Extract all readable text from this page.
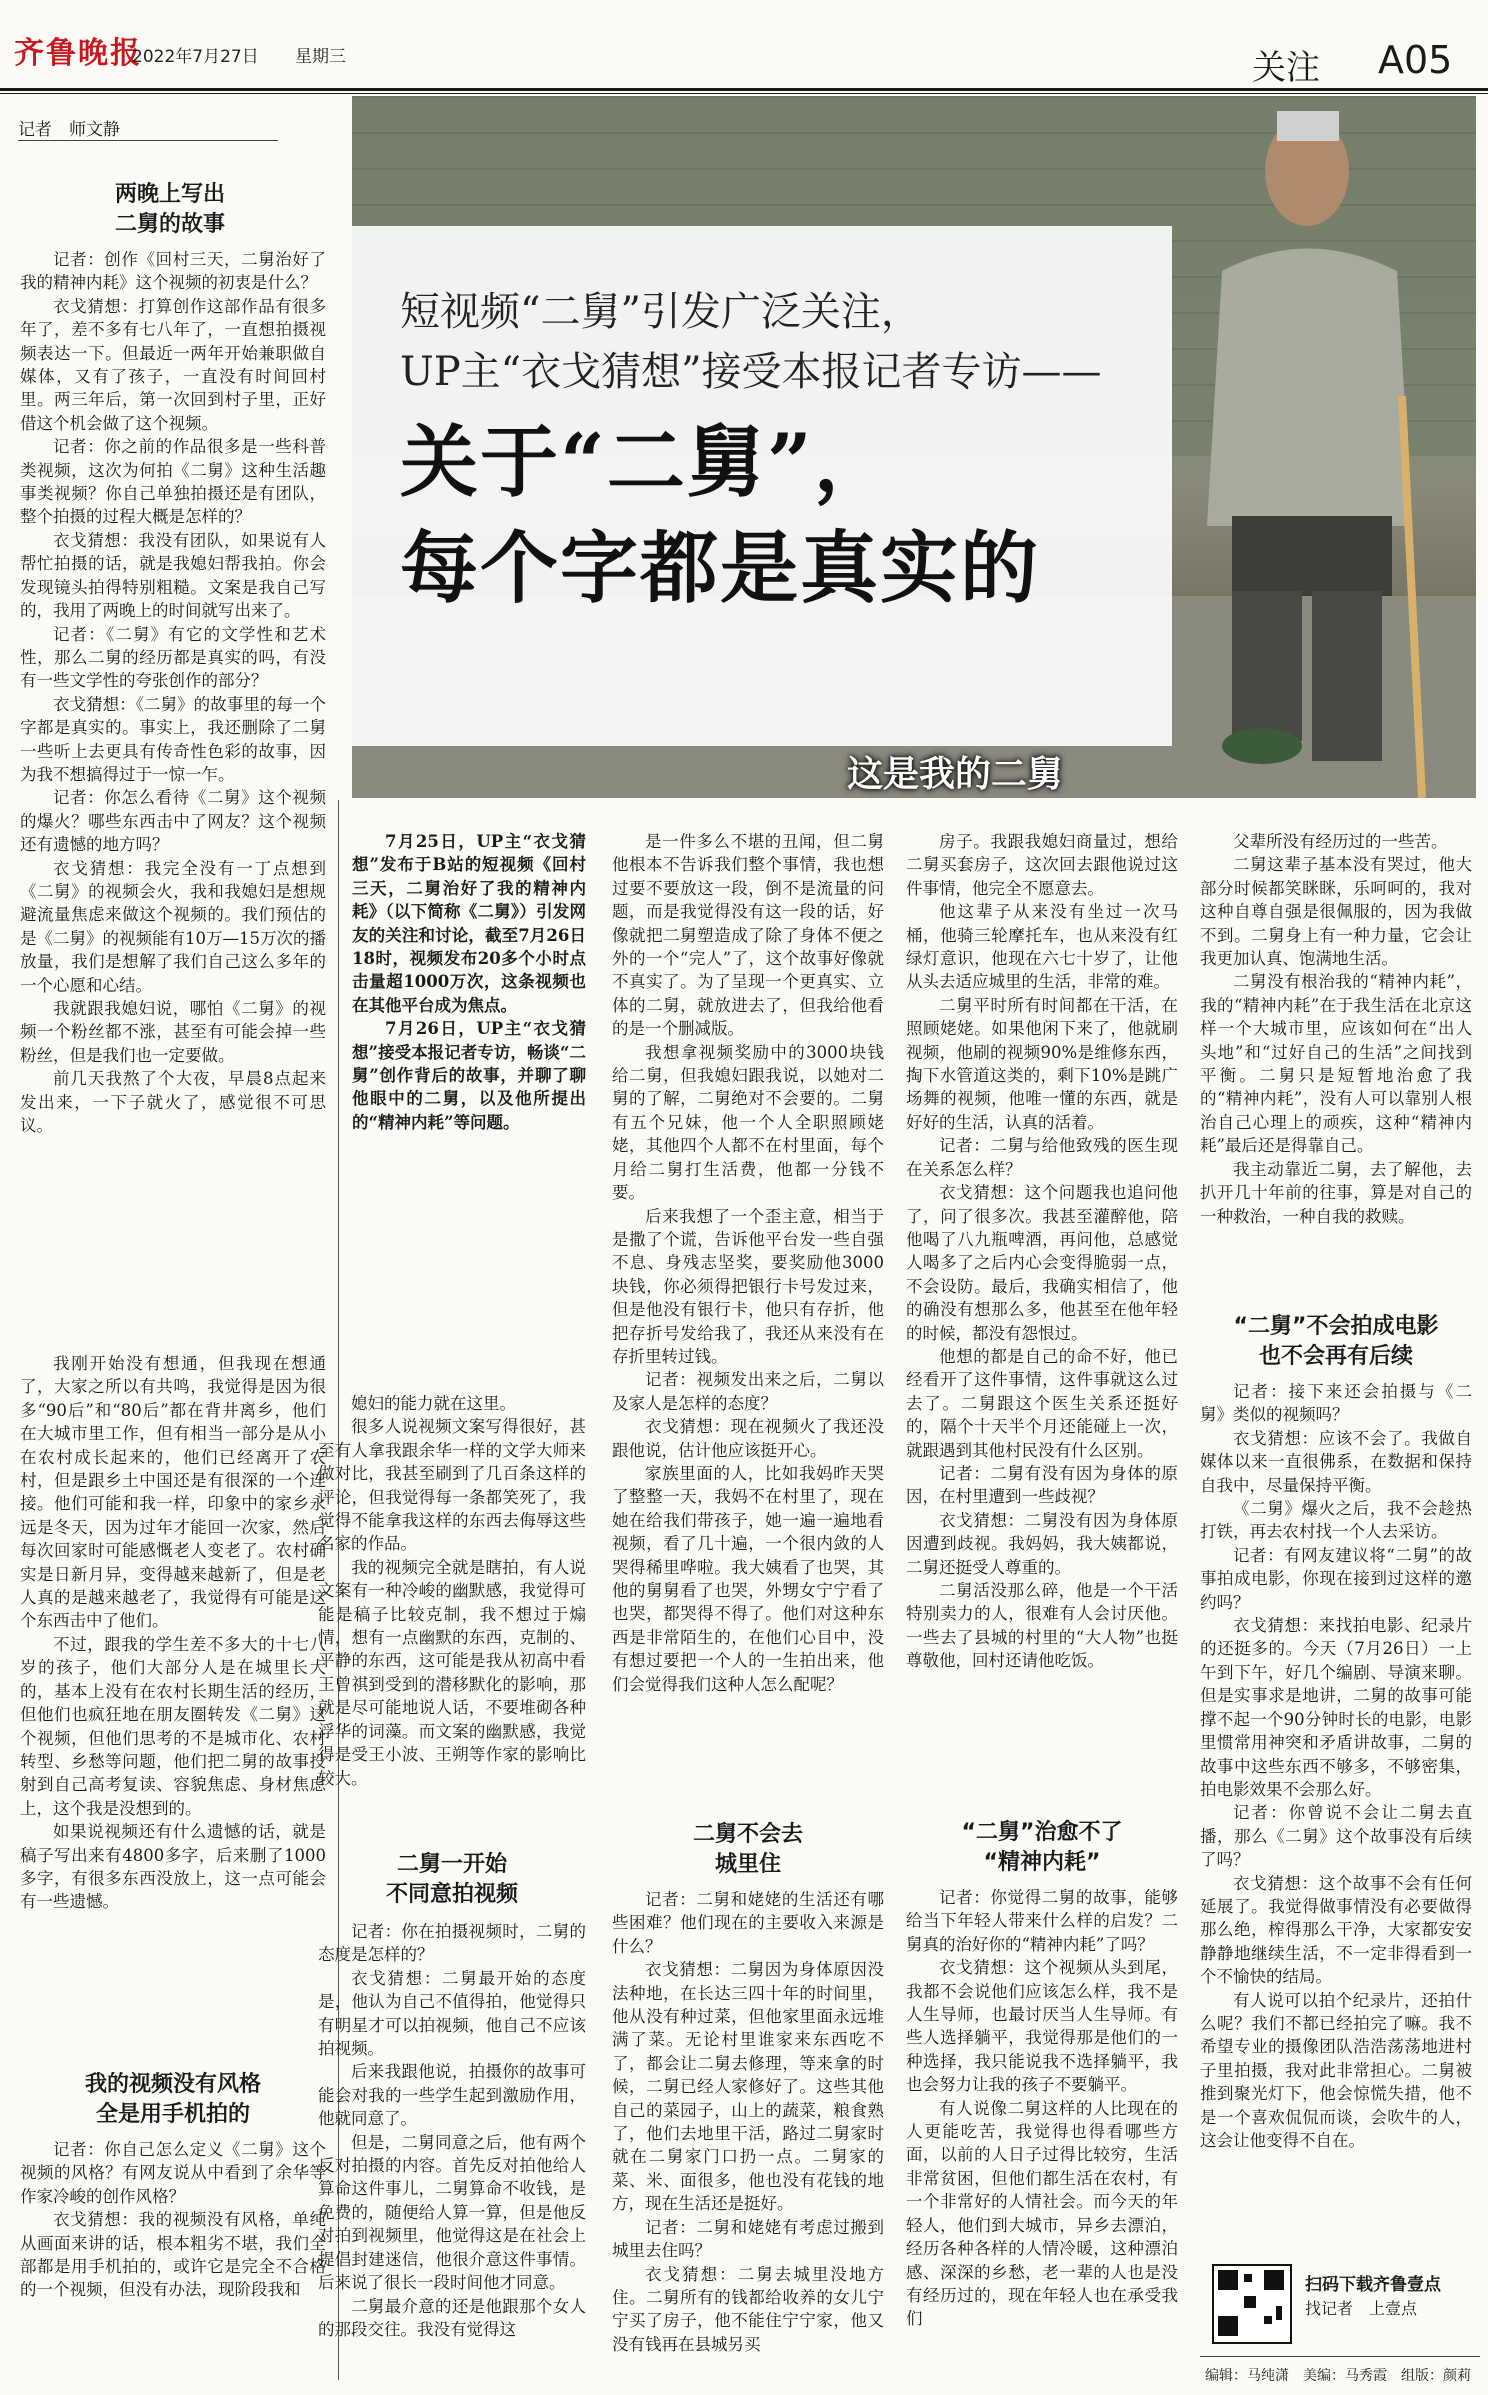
齐鲁晚报
2022年7月27日 星期三	关注 A05
记者　师文静
这是我的二舅
短视频“二舅”引发广泛关注，
UP主“衣戈猜想”接受本报记者专访——
关于“二舅”，
每个字都是真实的
两晚上写出
二舅的故事

记者：创作《回村三天，二舅治好了我的精神内耗》这个视频的初衷是什么？

衣戈猜想：打算创作这部作品有很多年了，差不多有七八年了，一直想拍摄视频表达一下。但最近一两年开始兼职做自媒体，又有了孩子，一直没有时间回村里。两三年后，第一次回到村子里，正好借这个机会做了这个视频。

记者：你之前的作品很多是一些科普类视频，这次为何拍《二舅》这种生活趣事类视频？你自己单独拍摄还是有团队，整个拍摄的过程大概是怎样的？

衣戈猜想：我没有团队，如果说有人帮忙拍摄的话，就是我媳妇帮我拍。你会发现镜头拍得特别粗糙。文案是我自己写的，我用了两晚上的时间就写出来了。

记者：《二舅》有它的文学性和艺术性，那么二舅的经历都是真实的吗，有没有一些文学性的夸张创作的部分？

衣戈猜想：《二舅》的故事里的每一个字都是真实的。事实上，我还删除了二舅一些听上去更具有传奇性色彩的故事，因为我不想搞得过于一惊一乍。

记者：你怎么看待《二舅》这个视频的爆火？哪些东西击中了网友？这个视频还有遗憾的地方吗？

衣戈猜想：我完全没有一丁点想到《二舅》的视频会火，我和我媳妇是想规避流量焦虑来做这个视频的。我们预估的是《二舅》的视频能有10万—15万次的播放量，我们是想解了我们自己这么多年的一个心愿和心结。

我就跟我媳妇说，哪怕《二舅》的视频一个粉丝都不涨，甚至有可能会掉一些粉丝，但是我们也一定要做。

前几天我熬了个大夜，早晨8点起来发出来，一下子就火了，感觉很不可思议。

我刚开始没有想通，但我现在想通了，大家之所以有共鸣，我觉得是因为很多“90后”和“80后”都在背井离乡，他们在大城市里工作，但有相当一部分是从小在农村成长起来的，他们已经离开了农村，但是跟乡土中国还是有很深的一个连接。他们可能和我一样，印象中的家乡永远是冬天，因为过年才能回一次家，然后每次回家时可能感慨老人变老了。农村确实是日新月异，变得越来越新了，但是老人真的是越来越老了，我觉得有可能是这个东西击中了他们。

不过，跟我的学生差不多大的十七八岁的孩子，他们大部分人是在城里长大的，基本上没有在农村长期生活的经历，但他们也疯狂地在朋友圈转发《二舅》这个视频，但他们思考的不是城市化、农村转型、乡愁等问题，他们把二舅的故事投射到自己高考复读、容貌焦虑、身材焦虑上，这个我是没想到的。

如果说视频还有什么遗憾的话，就是稿子写出来有4800多字，后来删了1000多字，有很多东西没放上，这一点可能会有一些遗憾。

我的视频没有风格
全是用手机拍的

记者：你自己怎么定义《二舅》这个视频的风格？有网友说从中看到了余华等作家冷峻的创作风格？

衣戈猜想：我的视频没有风格，单纯从画面来讲的话，根本粗劣不堪，我们全部都是用手机拍的，或许它是完全不合格的一个视频，但没有办法，现阶段我和

7月25日，UP主“衣戈猜想”发布于B站的短视频《回村三天，二舅治好了我的精神内耗》（以下简称《二舅》）引发网友的关注和讨论，截至7月26日18时，视频发布20多个小时点击量超1000万次，这条视频也在其他平台成为焦点。

7月26日，UP主“衣戈猜想”接受本报记者专访，畅谈“二舅”创作背后的故事，并聊了聊他眼中的二舅，以及他所提出的“精神内耗”等问题。

媳妇的能力就在这里。

很多人说视频文案写得很好，甚至有人拿我跟余华一样的文学大师来做对比，我甚至刷到了几百条这样的评论，但我觉得每一条都笑死了，我觉得不能拿我这样的东西去侮辱这些名家的作品。

我的视频完全就是瞎拍，有人说文案有一种冷峻的幽默感，我觉得可能是稿子比较克制，我不想过于煽情，想有一点幽默的东西，克制的、平静的东西，这可能是我从初高中看王曾祺到受到的潜移默化的影响，那就是尽可能地说人话，不要堆砌各种浮华的词藻。而文案的幽默感，我觉得是受王小波、王朔等作家的影响比较大。

二舅一开始
不同意拍视频

记者：你在拍摄视频时，二舅的态度是怎样的？

衣戈猜想：二舅最开始的态度是，他认为自己不值得拍，他觉得只有明星才可以拍视频，他自己不应该拍视频。

后来我跟他说，拍摄你的故事可能会对我的一些学生起到激励作用，他就同意了。

但是，二舅同意之后，他有两个反对拍摄的内容。首先反对拍他给人算命这件事儿，二舅算命不收钱，是免费的，随便给人算一算，但是他反对拍到视频里，他觉得这是在社会上提倡封建迷信，他很介意这件事情。后来说了很长一段时间他才同意。

二舅最介意的还是他跟那个女人的那段交往。我没有觉得这

是一件多么不堪的丑闻，但二舅他根本不告诉我们整个事情，我也想过要不要放这一段，倒不是流量的问题，而是我觉得没有这一段的话，好像就把二舅塑造成了除了身体不便之外的一个“完人”了，这个故事好像就不真实了。为了呈现一个更真实、立体的二舅，就放进去了，但我给他看的是一个删减版。

我想拿视频奖励中的3000块钱给二舅，但我媳妇跟我说，以她对二舅的了解，二舅绝对不会要的。二舅有五个兄妹，他一个人全职照顾姥姥，其他四个人都不在村里面，每个月给二舅打生活费，他都一分钱不要。

后来我想了一个歪主意，相当于是撒了个谎，告诉他平台发一些自强不息、身残志坚奖，要奖励他3000块钱，你必须得把银行卡号发过来，但是他没有银行卡，他只有存折，他把存折号发给我了，我还从来没有在存折里转过钱。

记者：视频发出来之后，二舅以及家人是怎样的态度？

衣戈猜想：现在视频火了我还没跟他说，估计他应该挺开心。

家族里面的人，比如我妈昨天哭了整整一天，我妈不在村里了，现在她在给我们带孩子，她一遍一遍地看视频，看了几十遍，一个很内敛的人哭得稀里哗啦。我大姨看了也哭，其他的舅舅看了也哭，外甥女宁宁看了也哭，都哭得不得了。他们对这种东西是非常陌生的，在他们心目中，没有想过要把一个人的一生拍出来，他们会觉得我们这种人怎么配呢？

二舅不会去
城里住

记者：二舅和姥姥的生活还有哪些困难？他们现在的主要收入来源是什么？

衣戈猜想：二舅因为身体原因没法种地，在长达三四十年的时间里，他从没有种过菜，但他家里面永远堆满了菜。无论村里谁家来东西吃不了，都会让二舅去修理，等来拿的时候，二舅已经人家修好了。这些其他自己的菜园子，山上的蔬菜，粮食熟了，他们去地里干活，路过二舅家时就在二舅家门口扔一点。二舅家的菜、米、面很多，他也没有花钱的地方，现在生活还是挺好。

记者：二舅和姥姥有考虑过搬到城里去住吗？

衣戈猜想：二舅去城里没地方住。二舅所有的钱都给收养的女儿宁宁买了房子，他不能住宁宁家，他又没有钱再在县城另买

房子。我跟我媳妇商量过，想给二舅买套房子，这次回去跟他说过这件事情，他完全不愿意去。

他这辈子从来没有坐过一次马桶，他骑三轮摩托车，也从来没有红绿灯意识，他现在六七十岁了，让他从头去适应城里的生活，非常的难。

二舅平时所有时间都在干活，在照顾姥姥。如果他闲下来了，他就刷视频，他刷的视频90%是维修东西，掏下水管道这类的，剩下10%是跳广场舞的视频，他唯一懂的东西，就是好好的生活，认真的活着。

记者：二舅与给他致残的医生现在关系怎么样？

衣戈猜想：这个问题我也追问他了，问了很多次。我甚至灌醉他，陪他喝了八九瓶啤酒，再问他，总感觉人喝多了之后内心会变得脆弱一点，不会设防。最后，我确实相信了，他的确没有想那么多，他甚至在他年轻的时候，都没有怨恨过。

他想的都是自己的命不好，他已经看开了这件事情，这件事就这么过去了。二舅跟这个医生关系还挺好的，隔个十天半个月还能碰上一次，就跟遇到其他村民没有什么区别。

记者：二舅有没有因为身体的原因，在村里遭到一些歧视？

衣戈猜想：二舅没有因为身体原因遭到歧视。我妈妈，我大姨都说，二舅还挺受人尊重的。

二舅活没那么碎，他是一个干活特别卖力的人，很难有人会讨厌他。一些去了县城的村里的“大人物”也挺尊敬他，回村还请他吃饭。

“二舅”治愈不了
“精神内耗”

记者：你觉得二舅的故事，能够给当下年轻人带来什么样的启发？二舅真的治好你的“精神内耗”了吗？

衣戈猜想：这个视频从头到尾，我都不会说他们应该怎么样，我不是人生导师，也最讨厌当人生导师。有些人选择躺平，我觉得那是他们的一种选择，我只能说我不选择躺平，我也会努力让我的孩子不要躺平。

有人说像二舅这样的人比现在的人更能吃苦，我觉得也得看哪些方面，以前的人日子过得比较穷，生活非常贫困，但他们都生活在农村，有一个非常好的人情社会。而今天的年轻人，他们到大城市，异乡去漂泊，经历各种各样的人情冷暖，这种漂泊感、深深的乡愁，老一辈的人也是没有经历过的，现在年轻人也在承受我们

父辈所没有经历过的一些苦。

二舅这辈子基本没有哭过，他大部分时候都笑眯眯，乐呵呵的，我对这种自尊自强是很佩服的，因为我做不到。二舅身上有一种力量，它会让我更加认真、饱满地生活。

二舅没有根治我的“精神内耗”，我的“精神内耗”在于我生活在北京这样一个大城市里，应该如何在“出人头地”和“过好自己的生活”之间找到平衡。二舅只是短暂地治愈了我的“精神内耗”，没有人可以靠别人根治自己心理上的顽疾，这种“精神内耗”最后还是得靠自己。

我主动靠近二舅，去了解他，去扒开几十年前的往事，算是对自己的一种救治，一种自我的救赎。

“二舅”不会拍成电影
也不会再有后续

记者：接下来还会拍摄与《二舅》类似的视频吗？

衣戈猜想：应该不会了。我做自媒体以来一直很佛系，在数据和保持自我中，尽量保持平衡。

《二舅》爆火之后，我不会趁热打铁，再去农村找一个人去采访。

记者：有网友建议将“二舅”的故事拍成电影，你现在接到过这样的邀约吗？

衣戈猜想：来找拍电影、纪录片的还挺多的。今天（7月26日）一上午到下午，好几个编剧、导演来聊。但是实事求是地讲，二舅的故事可能撑不起一个90分钟时长的电影，电影里惯常用神突和矛盾讲故事，二舅的故事中这些东西不够多，不够密集，拍电影效果不会那么好。

记者：你曾说不会让二舅去直播，那么《二舅》这个故事没有后续了吗？

衣戈猜想：这个故事不会有任何延展了。我觉得做事情没有必要做得那么绝，榨得那么干净，大家都安安静静地继续生活，不一定非得看到一个不愉快的结局。

有人说可以拍个纪录片，还拍什么呢？我们不都已经拍完了嘛。我不希望专业的摄像团队浩浩荡荡地进村子里拍摄，我对此非常担心。二舅被推到聚光灯下，他会惊慌失措，他不是一个喜欢侃侃而谈，会吹牛的人，这会让他变得不自在。

扫码下载齐鲁壹点
找记者　上壹点
编辑：马纯潇　美编：马秀霞　组版：颜莉
